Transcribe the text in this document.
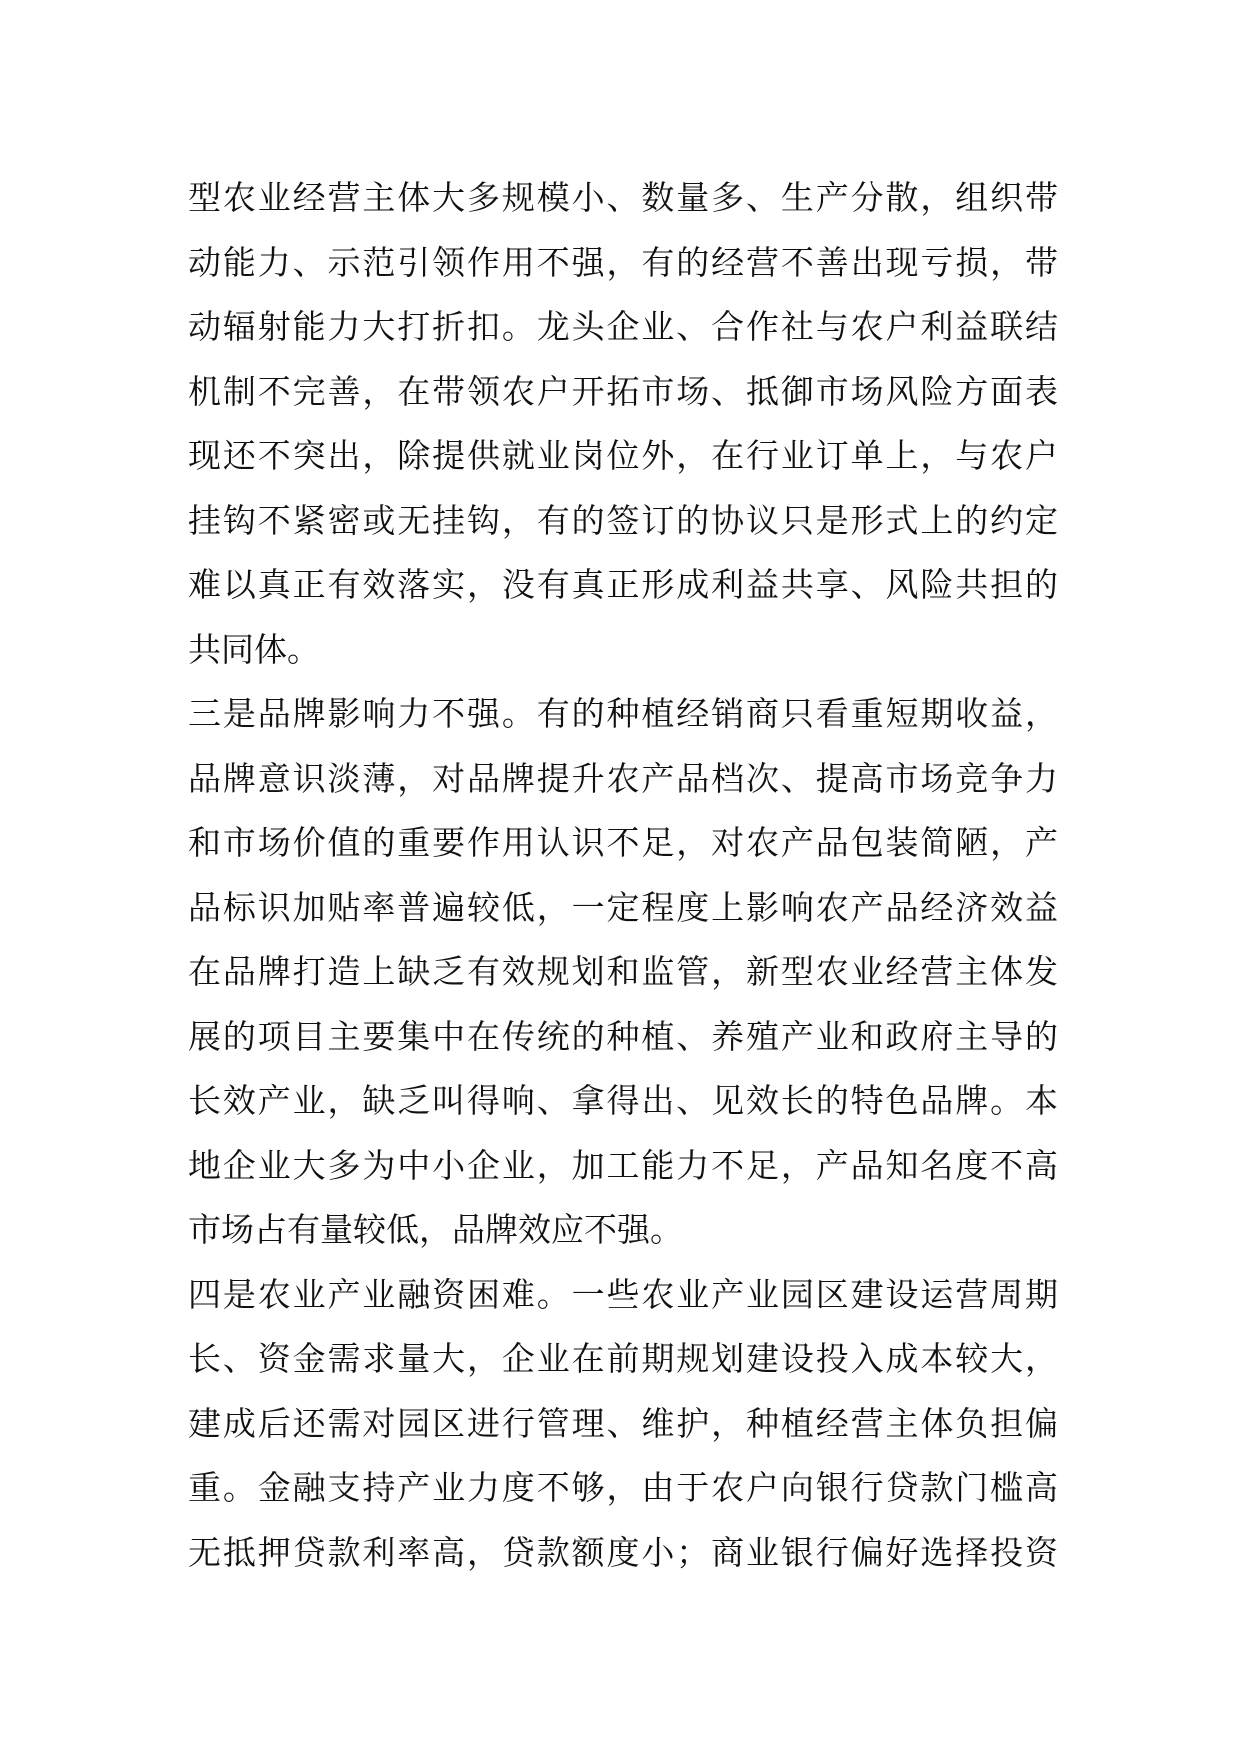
型农业经营主体大多规模小、数量多、生产分散，组织带
动能力、示范引领作用不强，有的经营不善出现亏损，带
动辐射能力大打折扣。龙头企业、合作社与农户利益联结
机制不完善，在带领农户开拓市场、抵御市场风险方面表
现还不突出，除提供就业岗位外，在行业订单上，与农户
挂钩不紧密或无挂钩，有的签订的协议只是形式上的约定
难以真正有效落实，没有真正形成利益共享、风险共担的
共同体。
三是品牌影响力不强。有的种植经销商只看重短期收益，
品牌意识淡薄，对品牌提升农产品档次、提高市场竞争力
和市场价值的重要作用认识不足，对农产品包装简陋，产
品标识加贴率普遍较低，一定程度上影响农产品经济效益
在品牌打造上缺乏有效规划和监管，新型农业经营主体发
展的项目主要集中在传统的种植、养殖产业和政府主导的
长效产业，缺乏叫得响、拿得出、见效长的特色品牌。本
地企业大多为中小企业，加工能力不足，产品知名度不高
市场占有量较低，品牌效应不强。
四是农业产业融资困难。一些农业产业园区建设运营周期
长、资金需求量大，企业在前期规划建设投入成本较大，
建成后还需对园区进行管理、维护，种植经营主体负担偏
重。金融支持产业力度不够，由于农户向银行贷款门槛高
无抵押贷款利率高，贷款额度小；商业银行偏好选择投资
